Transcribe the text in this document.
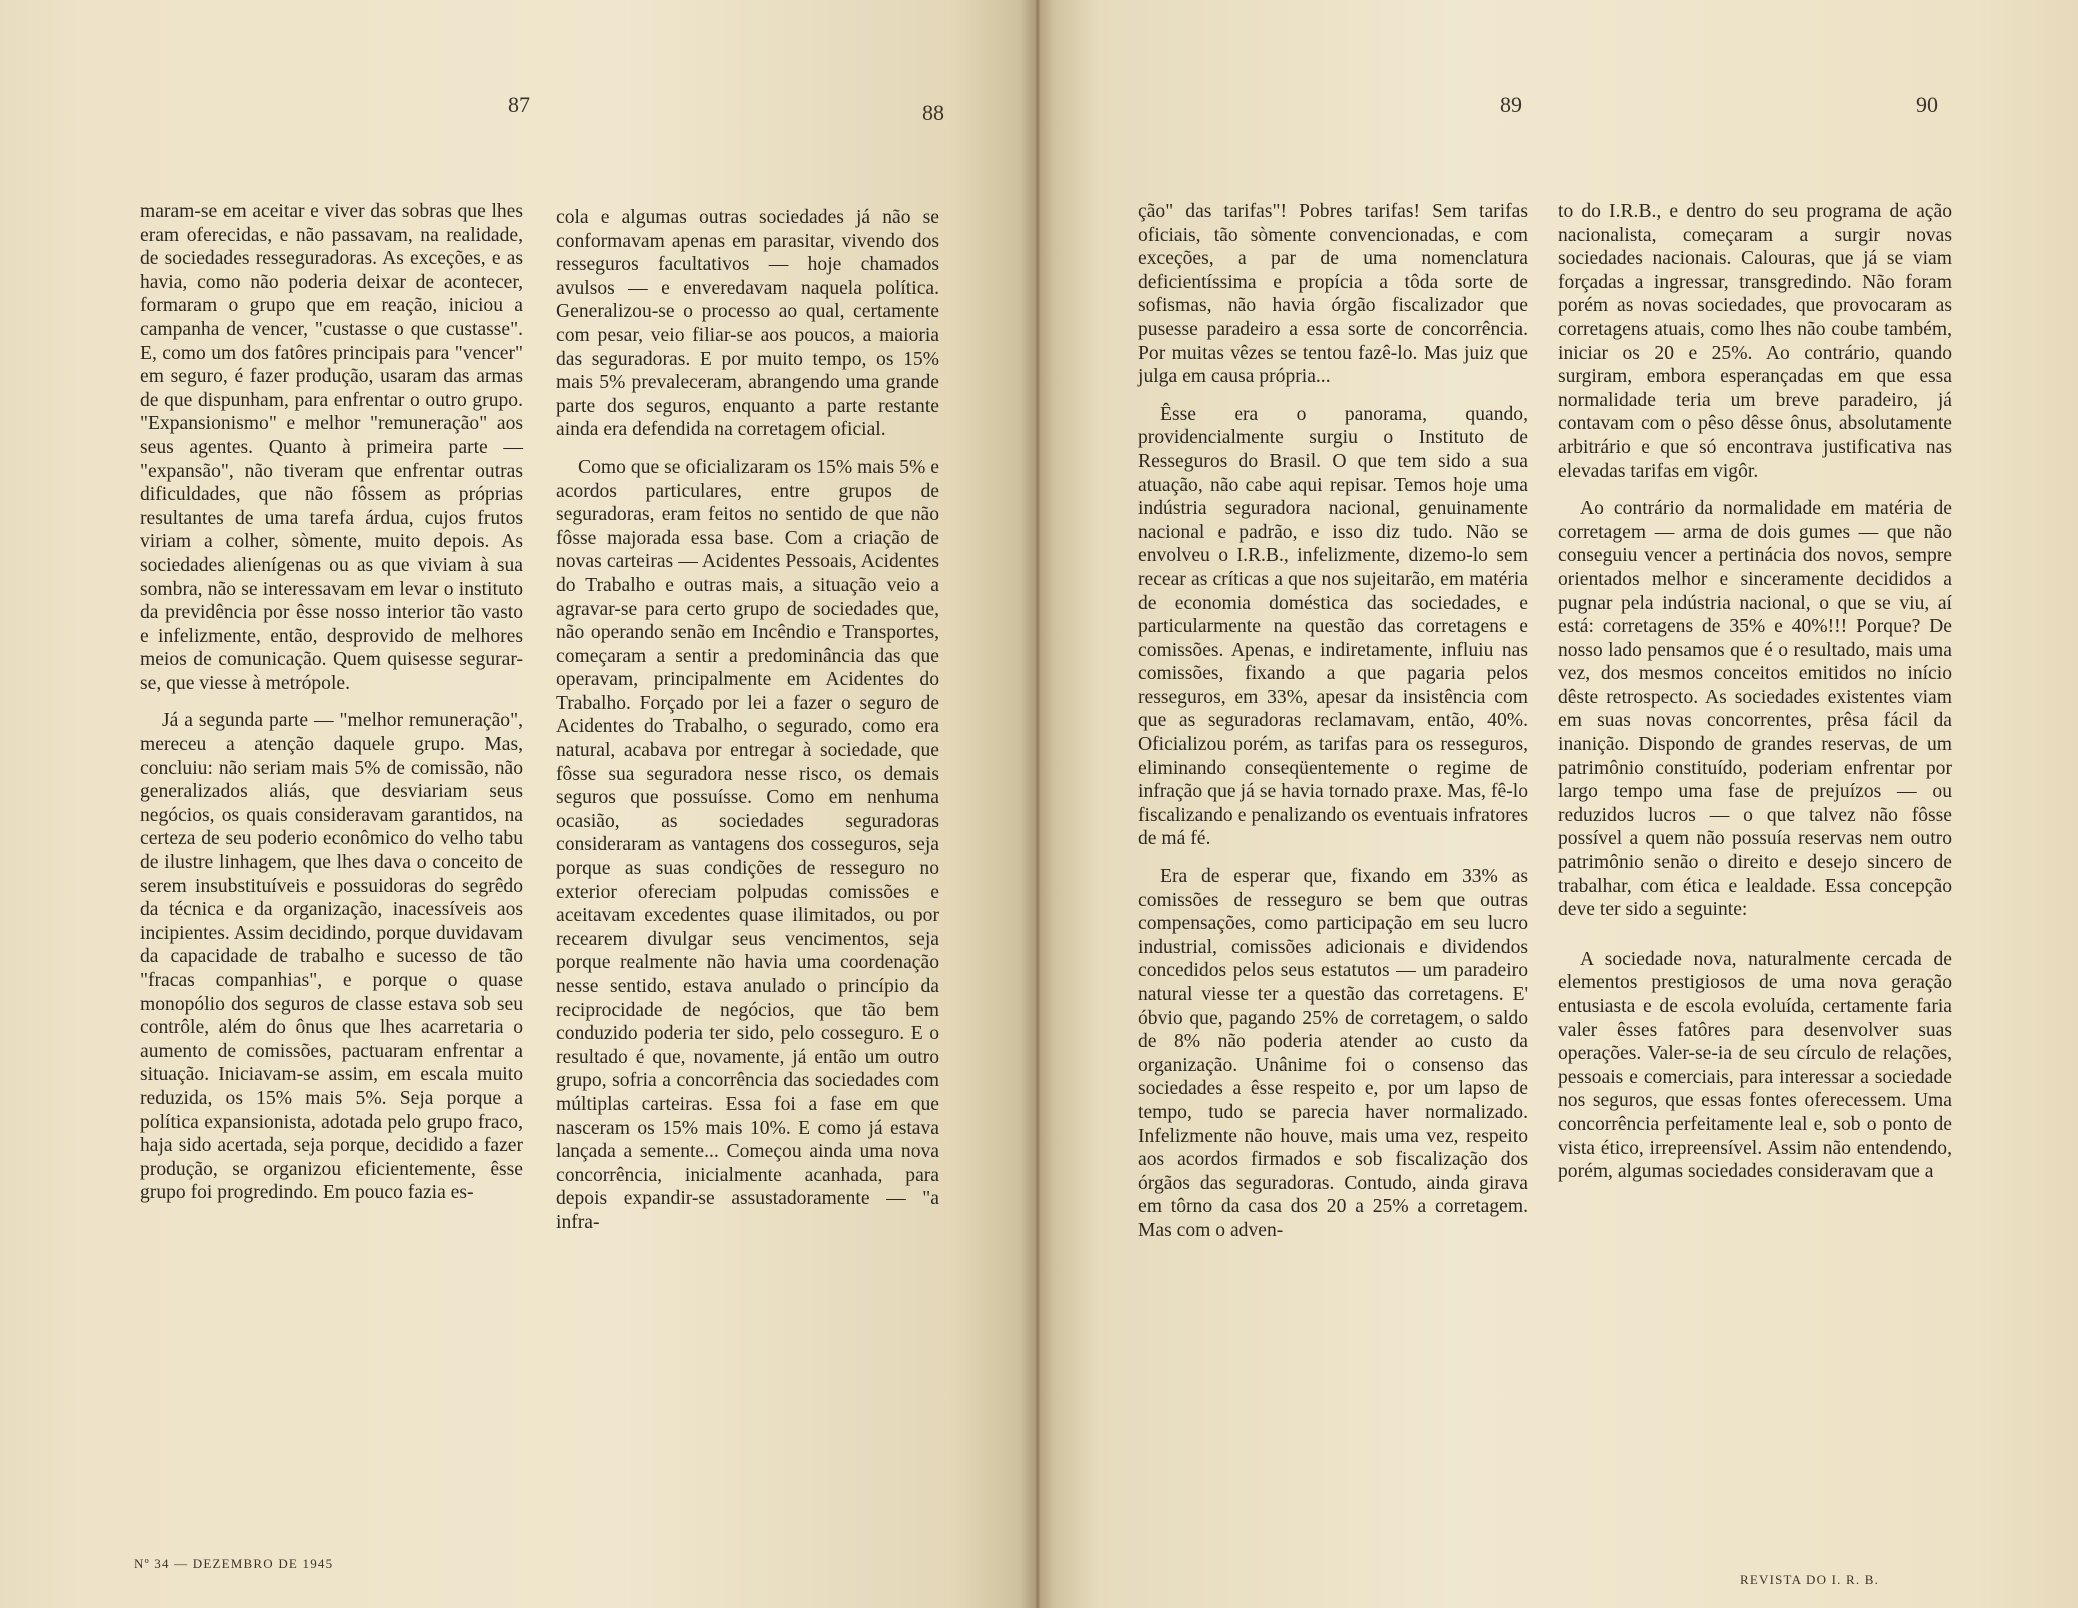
87	88	89	90

maram-se em aceitar e viver das sobras que lhes eram oferecidas, e não passavam, na realidade, de sociedades resseguradoras. As exceções, e as havia, como não poderia deixar de acontecer, formaram o grupo que em reação, iniciou a campanha de vencer, "custasse o que custasse". E, como um dos fatôres principais para "vencer" em seguro, é fazer produção, usaram das armas de que dispunham, para enfrentar o outro grupo. "Expansionismo" e melhor "remuneração" aos seus agentes. Quanto à primeira parte — "expansão", não tiveram que enfrentar outras dificuldades, que não fôssem as próprias resultantes de uma tarefa árdua, cujos frutos viriam a colher, sòmente, muito depois. As sociedades alienígenas ou as que viviam à sua sombra, não se interessavam em levar o instituto da previdência por êsse nosso interior tão vasto e infelizmente, então, desprovido de melhores meios de comunicação. Quem quisesse segurar-se, que viesse à metrópole.

Já a segunda parte — "melhor remuneração", mereceu a atenção daquele grupo. Mas, concluiu: não seriam mais 5% de comissão, não generalizados aliás, que desviariam seus negócios, os quais consideravam garantidos, na certeza de seu poderio econômico do velho tabu de ilustre linhagem, que lhes dava o conceito de serem insubstituíveis e possuidoras do segrêdo da técnica e da organização, inacessíveis aos incipientes. Assim decidindo, porque duvidavam da capacidade de trabalho e sucesso de tão "fracas companhias", e porque o quase monopólio dos seguros de classe estava sob seu contrôle, além do ônus que lhes acarretaria o aumento de comissões, pactuaram enfrentar a situação. Iniciavam-se assim, em escala muito reduzida, os 15% mais 5%. Seja porque a política expansionista, adotada pelo grupo fraco, haja sido acertada, seja porque, decidido a fazer produção, se organizou eficientemente, êsse grupo foi progredindo. Em pouco fazia es-

cola e algumas outras sociedades já não se conformavam apenas em parasitar, vivendo dos resseguros facultativos — hoje chamados avulsos — e enveredavam naquela política. Generalizou-se o processo ao qual, certamente com pesar, veio filiar-se aos poucos, a maioria das seguradoras. E por muito tempo, os 15% mais 5% prevaleceram, abrangendo uma grande parte dos seguros, enquanto a parte restante ainda era defendida na corretagem oficial.

Como que se oficializaram os 15% mais 5% e acordos particulares, entre grupos de seguradoras, eram feitos no sentido de que não fôsse majorada essa base. Com a criação de novas carteiras — Acidentes Pessoais, Acidentes do Trabalho e outras mais, a situação veio a agravar-se para certo grupo de sociedades que, não operando senão em Incêndio e Transportes, começaram a sentir a predominância das que operavam, principalmente em Acidentes do Trabalho. Forçado por lei a fazer o seguro de Acidentes do Trabalho, o segurado, como era natural, acabava por entregar à sociedade, que fôsse sua seguradora nesse risco, os demais seguros que possuísse. Como em nenhuma ocasião, as sociedades seguradoras consideraram as vantagens dos cosseguros, seja porque as suas condições de resseguro no exterior ofereciam polpudas comissões e aceitavam excedentes quase ilimitados, ou por recearem divulgar seus vencimentos, seja porque realmente não havia uma coordenação nesse sentido, estava anulado o princípio da reciprocidade de negócios, que tão bem conduzido poderia ter sido, pelo cosseguro. E o resultado é que, novamente, já então um outro grupo, sofria a concorrência das sociedades com múltiplas carteiras. Essa foi a fase em que nasceram os 15% mais 10%. E como já estava lançada a semente... Começou ainda uma nova concorrência, inicialmente acanhada, para depois expandir-se assustadoramente — "a infra-

ção" das tarifas"! Pobres tarifas! Sem tarifas oficiais, tão sòmente convencionadas, e com exceções, a par de uma nomenclatura deficientíssima e propícia a tôda sorte de sofismas, não havia órgão fiscalizador que pusesse paradeiro a essa sorte de concorrência. Por muitas vêzes se tentou fazê-lo. Mas juiz que julga em causa própria...

Êsse era o panorama, quando, providencialmente surgiu o Instituto de Resseguros do Brasil. O que tem sido a sua atuação, não cabe aqui repisar. Temos hoje uma indústria seguradora nacional, genuinamente nacional e padrão, e isso diz tudo. Não se envolveu o I.R.B., infelizmente, dizemo-lo sem recear as críticas a que nos sujeitarão, em matéria de economia doméstica das sociedades, e particularmente na questão das corretagens e comissões. Apenas, e indiretamente, influiu nas comissões, fixando a que pagaria pelos resseguros, em 33%, apesar da insistência com que as seguradoras reclamavam, então, 40%. Oficializou porém, as tarifas para os resseguros, eliminando conseqüentemente o regime de infração que já se havia tornado praxe. Mas, fê-lo fiscalizando e penalizando os eventuais infratores de má fé.

Era de esperar que, fixando em 33% as comissões de resseguro se bem que outras compensações, como participação em seu lucro industrial, comissões adicionais e dividendos concedidos pelos seus estatutos — um paradeiro natural viesse ter a questão das corretagens. E' óbvio que, pagando 25% de corretagem, o saldo de 8% não poderia atender ao custo da organização. Unânime foi o consenso das sociedades a êsse respeito e, por um lapso de tempo, tudo se parecia haver normalizado. Infelizmente não houve, mais uma vez, respeito aos acordos firmados e sob fiscalização dos órgãos das seguradoras. Contudo, ainda girava em tôrno da casa dos 20 a 25% a corretagem. Mas com o adven-

to do I.R.B., e dentro do seu programa de ação nacionalista, começaram a surgir novas sociedades nacionais. Calouras, que já se viam forçadas a ingressar, transgredindo. Não foram porém as novas sociedades, que provocaram as corretagens atuais, como lhes não coube também, iniciar os 20 e 25%. Ao contrário, quando surgiram, embora esperançadas em que essa normalidade teria um breve paradeiro, já contavam com o pêso dêsse ônus, absolutamente arbitrário e que só encontrava justificativa nas elevadas tarifas em vigôr.

Ao contrário da normalidade em matéria de corretagem — arma de dois gumes — que não conseguiu vencer a pertinácia dos novos, sempre orientados melhor e sinceramente decididos a pugnar pela indústria nacional, o que se viu, aí está: corretagens de 35% e 40%!!! Porque? De nosso lado pensamos que é o resultado, mais uma vez, dos mesmos conceitos emitidos no início dêste retrospecto. As sociedades existentes viam em suas novas concorrentes, prêsa fácil da inanição. Dispondo de grandes reservas, de um patrimônio constituído, poderiam enfrentar por largo tempo uma fase de prejuízos — ou reduzidos lucros — o que talvez não fôsse possível a quem não possuía reservas nem outro patrimônio senão o direito e desejo sincero de trabalhar, com ética e lealdade. Essa concepção deve ter sido a seguinte:

A sociedade nova, naturalmente cercada de elementos prestigiosos de uma nova geração entusiasta e de escola evoluída, certamente faria valer êsses fatôres para desenvolver suas operações. Valer-se-ia de seu círculo de relações, pessoais e comerciais, para interessar a sociedade nos seguros, que essas fontes oferecessem. Uma concorrência perfeitamente leal e, sob o ponto de vista ético, irrepreensível. Assim não entendendo, porém, algumas sociedades consideravam que a

Nº 34 — DEZEMBRO DE 1945
REVISTA DO I. R. B.
